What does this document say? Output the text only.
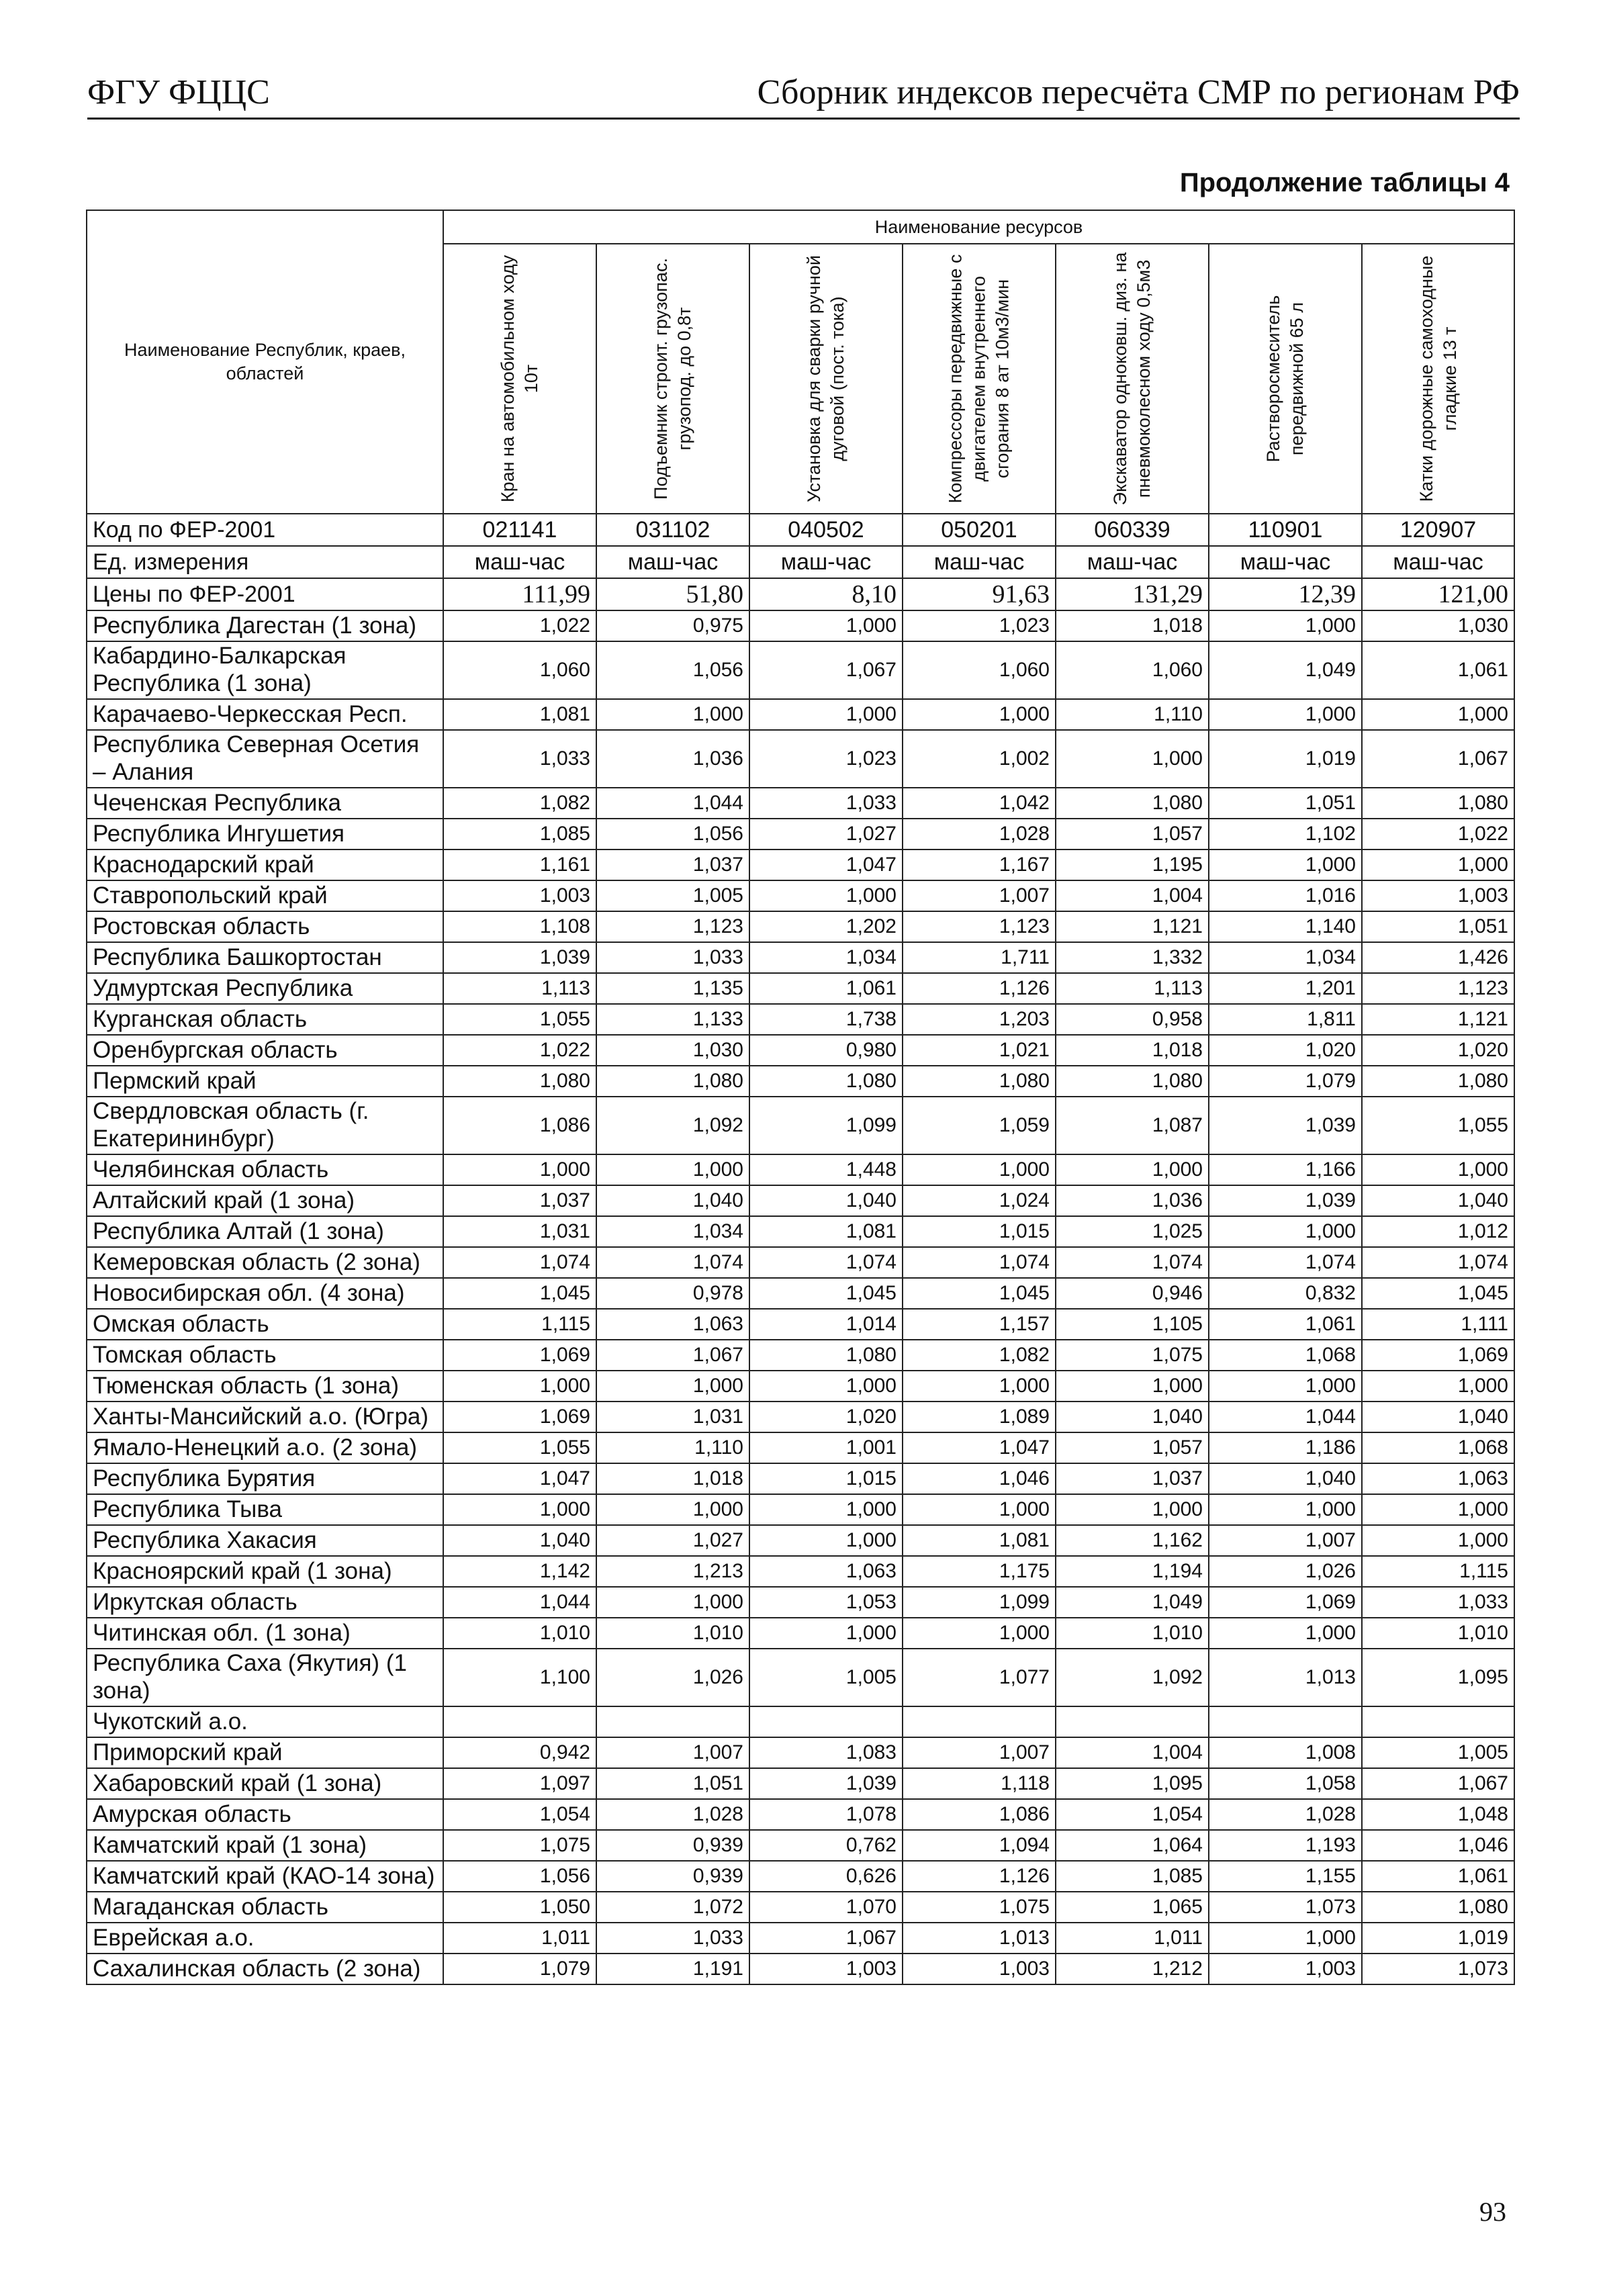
ФГУ ФЦЦС	Сборник индексов пересчёта СМР по регионам РФ
Продолжение таблицы 4
Наименование Республик, краев, областей	Наименование ресурсов						

	Кран на автомобильном ходу 10т	Подъемник строит. грузопас. грузопод. до 0,8т	Установка для сварки ручной дуговой (пост. тока)	Компрессоры передвижные с двигателем внутреннего сгорания 8 ат 10м3/мин	Экскаватор одноковш. диз. на пневмоколесном ходу 0,5м3	Растворосмеситель передвижной 65 л	Катки дорожные самоходные гладкие 13 т

Код по ФЕР-2001	021141	031102	040502	050201	060339	110901	120907
Ед. измерения	маш-час	маш-час	маш-час	маш-час	маш-час	маш-час	маш-час
Цены по ФЕР-2001	111,99	51,80	8,10	91,63	131,29	12,39	121,00
Республика Дагестан (1 зона)	1,022	0,975	1,000	1,023	1,018	1,000	1,030
Кабардино-Балкарская Республика (1 зона)	1,060	1,056	1,067	1,060	1,060	1,049	1,061
Карачаево-Черкесская Респ.	1,081	1,000	1,000	1,000	1,110	1,000	1,000
Республика Северная Осетия – Алания	1,033	1,036	1,023	1,002	1,000	1,019	1,067
Чеченская Республика	1,082	1,044	1,033	1,042	1,080	1,051	1,080
Республика Ингушетия	1,085	1,056	1,027	1,028	1,057	1,102	1,022
Краснодарский край	1,161	1,037	1,047	1,167	1,195	1,000	1,000
Ставропольский край	1,003	1,005	1,000	1,007	1,004	1,016	1,003
Ростовская область	1,108	1,123	1,202	1,123	1,121	1,140	1,051
Республика Башкортостан	1,039	1,033	1,034	1,711	1,332	1,034	1,426
Удмуртская Республика	1,113	1,135	1,061	1,126	1,113	1,201	1,123
Курганская область	1,055	1,133	1,738	1,203	0,958	1,811	1,121
Оренбургская область	1,022	1,030	0,980	1,021	1,018	1,020	1,020
Пермский край	1,080	1,080	1,080	1,080	1,080	1,079	1,080
Свердловская область (г. Екатерининбург)	1,086	1,092	1,099	1,059	1,087	1,039	1,055
Челябинская область	1,000	1,000	1,448	1,000	1,000	1,166	1,000
Алтайский край (1 зона)	1,037	1,040	1,040	1,024	1,036	1,039	1,040
Республика Алтай (1 зона)	1,031	1,034	1,081	1,015	1,025	1,000	1,012
Кемеровская область (2 зона)	1,074	1,074	1,074	1,074	1,074	1,074	1,074
Новосибирская обл. (4 зона)	1,045	0,978	1,045	1,045	0,946	0,832	1,045
Омская область	1,115	1,063	1,014	1,157	1,105	1,061	1,111
Томская область	1,069	1,067	1,080	1,082	1,075	1,068	1,069
Тюменская область (1 зона)	1,000	1,000	1,000	1,000	1,000	1,000	1,000
Ханты-Мансийский а.о. (Югра)	1,069	1,031	1,020	1,089	1,040	1,044	1,040
Ямало-Ненецкий а.о. (2 зона)	1,055	1,110	1,001	1,047	1,057	1,186	1,068
Республика Бурятия	1,047	1,018	1,015	1,046	1,037	1,040	1,063
Республика Тыва	1,000	1,000	1,000	1,000	1,000	1,000	1,000
Республика Хакасия	1,040	1,027	1,000	1,081	1,162	1,007	1,000
Красноярский край (1 зона)	1,142	1,213	1,063	1,175	1,194	1,026	1,115
Иркутская область	1,044	1,000	1,053	1,099	1,049	1,069	1,033
Читинская обл. (1 зона)	1,010	1,010	1,000	1,000	1,010	1,000	1,010
Республика Саха (Якутия) (1 зона)	1,100	1,026	1,005	1,077	1,092	1,013	1,095
Чукотский а.о.							
Приморский край	0,942	1,007	1,083	1,007	1,004	1,008	1,005
Хабаровский край (1 зона)	1,097	1,051	1,039	1,118	1,095	1,058	1,067
Амурская область	1,054	1,028	1,078	1,086	1,054	1,028	1,048
Камчатский край (1 зона)	1,075	0,939	0,762	1,094	1,064	1,193	1,046
Камчатский край (КАО-14 зона)	1,056	0,939	0,626	1,126	1,085	1,155	1,061
Магаданская область	1,050	1,072	1,070	1,075	1,065	1,073	1,080
Еврейская а.о.	1,011	1,033	1,067	1,013	1,011	1,000	1,019
Сахалинская область (2 зона)	1,079	1,191	1,003	1,003	1,212	1,003	1,073
93
